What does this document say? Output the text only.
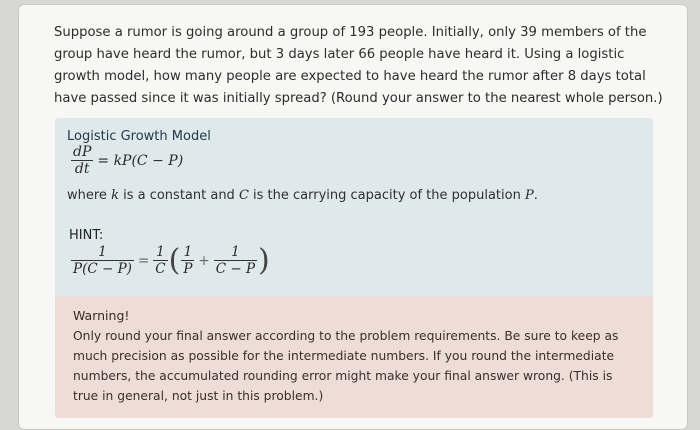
Suppose a rumor is going around a group of 193 people. Initially, only 39 members of the group have heard the rumor, but 3 days later 66 people have heard it. Using a logistic growth model, how many people are expected to have heard the rumor after 8 days total have passed since it was initially spread? (Round your answer to the nearest whole person.)
Logistic Growth Model
$\frac{dP}{dt} = kP(C - P)$
where k is a constant and C is the carrying capacity of the population P.
HINT:
$\frac{1}{P(C - P)} = \frac{1}{C}$ ( $\frac{1}{P} + \frac{1}{C - P}$ )
Warning!
Only round your final answer according to the problem requirements. Be sure to keep as much precision as possible for the intermediate numbers. If you round the intermediate numbers, the accumulated rounding error might make your final answer wrong. (This is true in general, not just in this problem.)
